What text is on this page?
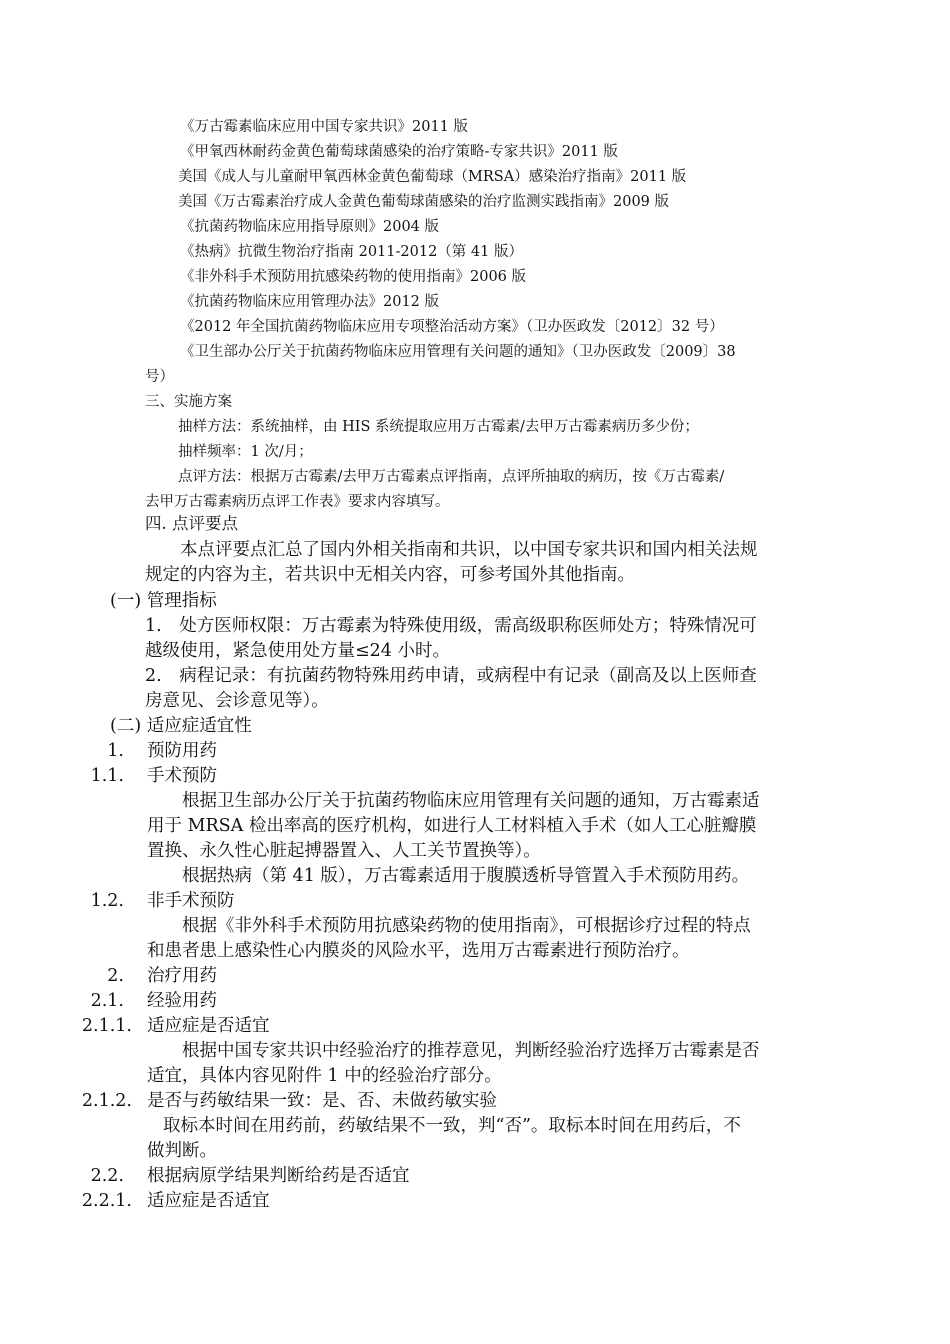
《万古霉素临床应用中国专家共识》2011 版
《甲氧西林耐药金黄色葡萄球菌感染的治疗策略-专家共识》2011 版
美国《成人与儿童耐甲氧西林金黄色葡萄球（MRSA）感染治疗指南》2011 版
美国《万古霉素治疗成人金黄色葡萄球菌感染的治疗监测实践指南》2009 版
《抗菌药物临床应用指导原则》2004 版
《热病》抗微生物治疗指南 2011-2012（第 41 版）
《非外科手术预防用抗感染药物的使用指南》2006 版
《抗菌药物临床应用管理办法》2012 版
《2012 年全国抗菌药物临床应用专项整治活动方案》（卫办医政发〔2012〕32 号）
《卫生部办公厅关于抗菌药物临床应用管理有关问题的通知》（卫办医政发〔2009〕38
号）
三、实施方案
抽样方法：系统抽样，由 HIS 系统提取应用万古霉素/去甲万古霉素病历多少份；
抽样频率：1 次/月；
点评方法：根据万古霉素/去甲万古霉素点评指南，点评所抽取的病历，按《万古霉素/
去甲万古霉素病历点评工作表》要求内容填写。
四. 点评要点
本点评要点汇总了国内外相关指南和共识，以中国专家共识和国内相关法规
规定的内容为主，若共识中无相关内容，可参考国外其他指南。
(一) 管理指标
1.　处方医师权限：万古霉素为特殊使用级，需高级职称医师处方；特殊情况可
越级使用，紧急使用处方量≤24 小时。
2.　病程记录：有抗菌药物特殊用药申请，或病程中有记录（副高及以上医师查
房意见、会诊意见等）。
(二) 适应症适宜性
1. 预防用药
1.1. 手术预防
根据卫生部办公厅关于抗菌药物临床应用管理有关问题的通知，万古霉素适
用于 MRSA 检出率高的医疗机构，如进行人工材料植入手术（如人工心脏瓣膜
置换、永久性心脏起搏器置入、人工关节置换等）。
根据热病（第 41 版），万古霉素适用于腹膜透析导管置入手术预防用药。
1.2. 非手术预防
根据《非外科手术预防用抗感染药物的使用指南》，可根据诊疗过程的特点
和患者患上感染性心内膜炎的风险水平，选用万古霉素进行预防治疗。
2. 治疗用药
2.1. 经验用药
2.1.1. 适应症是否适宜
根据中国专家共识中经验治疗的推荐意见，判断经验治疗选择万古霉素是否
适宜，具体内容见附件 1 中的经验治疗部分。
2.1.2. 是否与药敏结果一致：是、否、未做药敏实验
取标本时间在用药前，药敏结果不一致，判“否”。取标本时间在用药后，不
做判断。
2.2. 根据病原学结果判断给药是否适宜
2.2.1. 适应症是否适宜
